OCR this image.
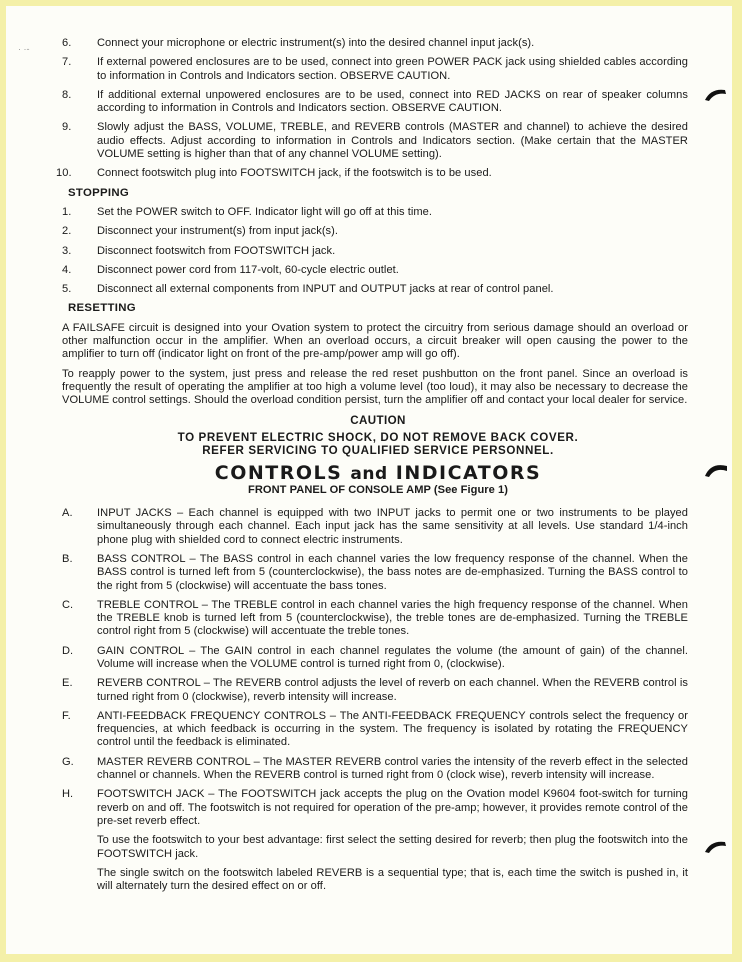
· ·‑	6.	Connect your microphone or electric instrument(s) into the desired channel input jack(s).
7.	If external powered enclosures are to be used, connect into green POWER PACK jack using shielded cables according to information in Controls and Indicators section. OBSERVE CAUTION.
8.	If additional external unpowered enclosures are to be used, connect into RED JACKS on rear of speaker columns according to information in Controls and Indicators section. OBSERVE CAUTION.
9.	Slowly adjust the BASS, VOLUME, TREBLE, and REVERB controls (MASTER and channel) to achieve the desired audio effects. Adjust according to information in Controls and Indicators section. (Make certain that the MASTER VOLUME setting is higher than that of any channel VOLUME setting).
10.	Connect footswitch plug into FOOTSWITCH jack, if the footswitch is to be used.
STOPPING
1.	Set the POWER switch to OFF. Indicator light will go off at this time.
2.	Disconnect your instrument(s) from input jack(s).
3.	Disconnect footswitch from FOOTSWITCH jack.
4.	Disconnect power cord from 117-volt, 60-cycle electric outlet.
5.	Disconnect all external components from INPUT and OUTPUT jacks at rear of control panel.
RESETTING
A FAILSAFE circuit is designed into your Ovation system to protect the circuitry from serious damage should an overload or other malfunction occur in the amplifier. When an overload occurs, a circuit breaker will open causing the power to the amplifier to turn off (indicator light on front of the pre-amp/power amp will go off).
To reapply power to the system, just press and release the red reset pushbutton on the front panel. Since an overload is frequently the result of operating the amplifier at too high a volume level (too loud), it may also be necessary to decrease the VOLUME control settings. Should the overload condition persist, turn the amplifier off and contact your local dealer for service.
CAUTION
TO PREVENT ELECTRIC SHOCK, DO NOT REMOVE BACK COVER.
REFER SERVICING TO QUALIFIED SERVICE PERSONNEL.
CONTROLS and INDICATORS
FRONT PANEL OF CONSOLE AMP (See Figure 1)
A.	INPUT JACKS – Each channel is equipped with two INPUT jacks to permit one or two instruments to be played simultaneously through each channel. Each input jack has the same sensitivity at all levels. Use standard 1/4-inch phone plug with shielded cord to connect electric instruments.
B.	BASS CONTROL – The BASS control in each channel varies the low frequency response of the channel. When the BASS control is turned left from 5 (counterclockwise), the bass notes are de-emphasized. Turning the BASS control to the right from 5 (clockwise) will accentuate the bass tones.
C.	TREBLE CONTROL – The TREBLE control in each channel varies the high frequency response of the channel. When the TREBLE knob is turned left from 5 (counterclockwise), the treble tones are de-emphasized. Turning the TREBLE control right from 5 (clockwise) will accentuate the treble tones.
D.	GAIN CONTROL – The GAIN control in each channel regulates the volume (the amount of gain) of the channel. Volume will increase when the VOLUME control is turned right from 0, (clockwise).
E.	REVERB CONTROL – The REVERB control adjusts the level of reverb on each channel. When the REVERB control is turned right from 0 (clockwise), reverb intensity will increase.
F.	ANTI-FEEDBACK FREQUENCY CONTROLS – The ANTI-FEEDBACK FREQUENCY controls select the frequency or frequencies, at which feedback is occurring in the system. The frequency is isolated by rotating the FREQUENCY control until the feedback is eliminated.
G.	MASTER REVERB CONTROL – The MASTER REVERB control varies the intensity of the reverb effect in the selected channel or channels. When the REVERB control is turned right from 0 (clock wise), reverb intensity will increase.
H.	FOOTSWITCH JACK – The FOOTSWITCH jack accepts the plug on the Ovation model K9604 foot-switch for turning reverb on and off. The footswitch is not required for operation of the pre-amp; however, it provides remote control of the pre-set reverb effect.
To use the footswitch to your best advantage: first select the setting desired for reverb; then plug the footswitch into the FOOTSWITCH jack.
The single switch on the footswitch labeled REVERB is a sequential type; that is, each time the switch is pushed in, it will alternately turn the desired effect on or off.
